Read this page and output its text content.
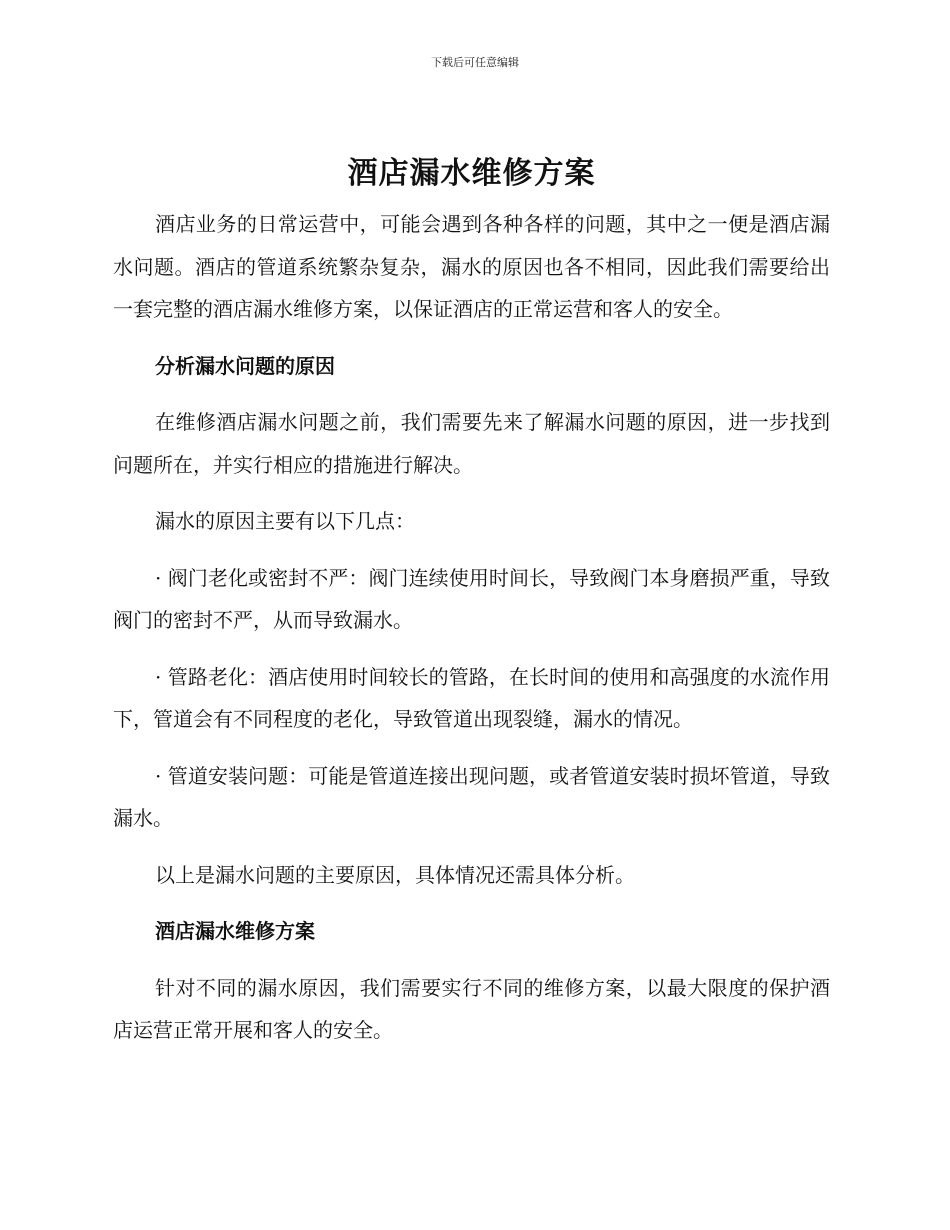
下载后可任意编辑
酒店漏水维修方案

酒店业务的日常运营中，可能会遇到各种各样的问题，其中之一便是酒店漏水问题。酒店的管道系统繁杂复杂，漏水的原因也各不相同，因此我们需要给出一套完整的酒店漏水维修方案，以保证酒店的正常运营和客人的安全。

分析漏水问题的原因

在维修酒店漏水问题之前，我们需要先来了解漏水问题的原因，进一步找到问题所在，并实行相应的措施进行解决。

漏水的原因主要有以下几点：

· 阀门老化或密封不严：阀门连续使用时间长，导致阀门本身磨损严重，导致阀门的密封不严，从而导致漏水。

· 管路老化：酒店使用时间较长的管路，在长时间的使用和高强度的水流作用下，管道会有不同程度的老化，导致管道出现裂缝，漏水的情况。

· 管道安装问题：可能是管道连接出现问题，或者管道安装时损坏管道，导致漏水。

以上是漏水问题的主要原因，具体情况还需具体分析。

酒店漏水维修方案

针对不同的漏水原因，我们需要实行不同的维修方案，以最大限度的保护酒店运营正常开展和客人的安全。
